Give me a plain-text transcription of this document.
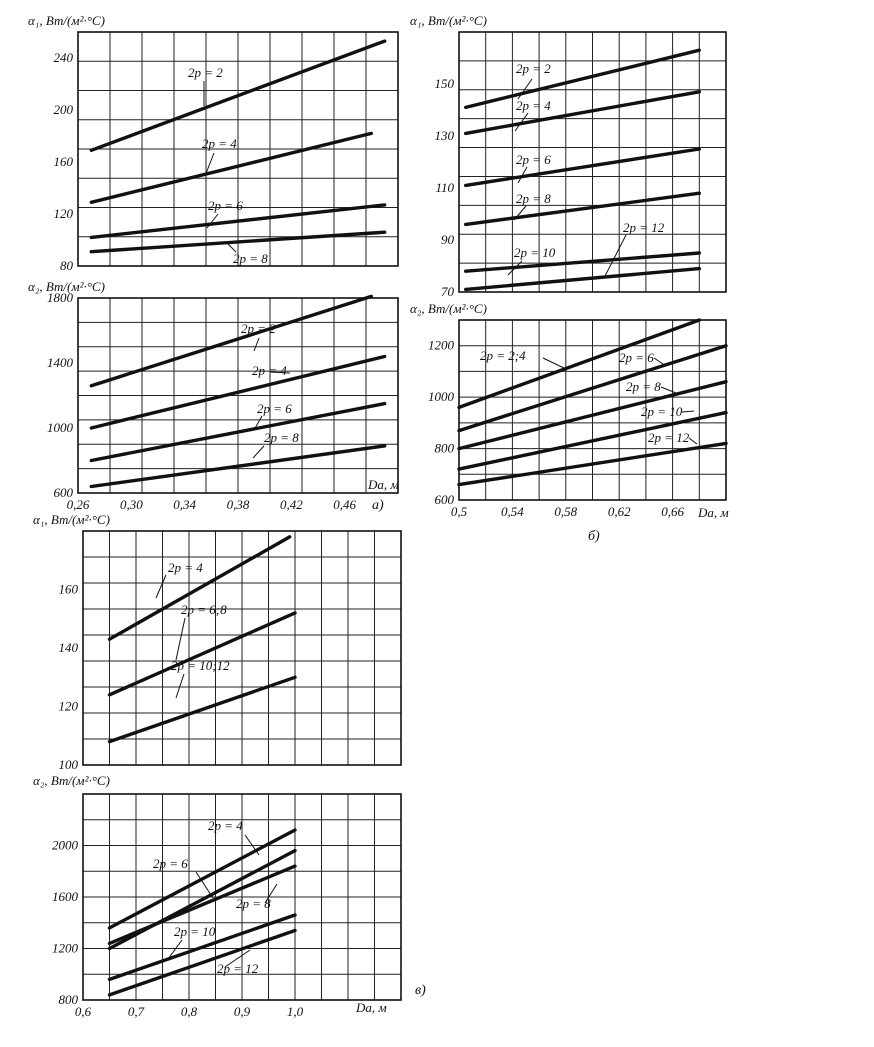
α₁, Вт/(м²·°С)
80
120
160
200
240
2p = 2
2p = 4
2p = 6
2p = 8
α₂, Вт/(м²·°С)
600
1000
1400
1800
0,26 0,30 0,34 0,38 0,42 0,46
Dа, м
а)
2p = 2
2p = 4
2p = 6
2p = 8
α₁, Вт/(м²·°С)
70
90
110
130
150
2p = 2
2p = 4
2p = 6
2p = 8
2p = 10
2p = 12
α₂, Вт/(м²·°С)
600
800
1000
1200
0,5	0,54 0,58 0,62 0,66 Dа, м
б)
2p = 2;4	2p = 6
2p = 8
2p = 10
2p = 12
α₁, Вт/(м²·°С)
100
120
140
160
2p = 4
2p = 6;8
2p = 10;12
α₂, Вт/(м²·°С)
800
1200
1600
2000
0,6	0,7	0,8	0,9	1,0	Dа, м
в)
2p = 4
2p = 6
2p = 8
2p = 10
2p = 12
